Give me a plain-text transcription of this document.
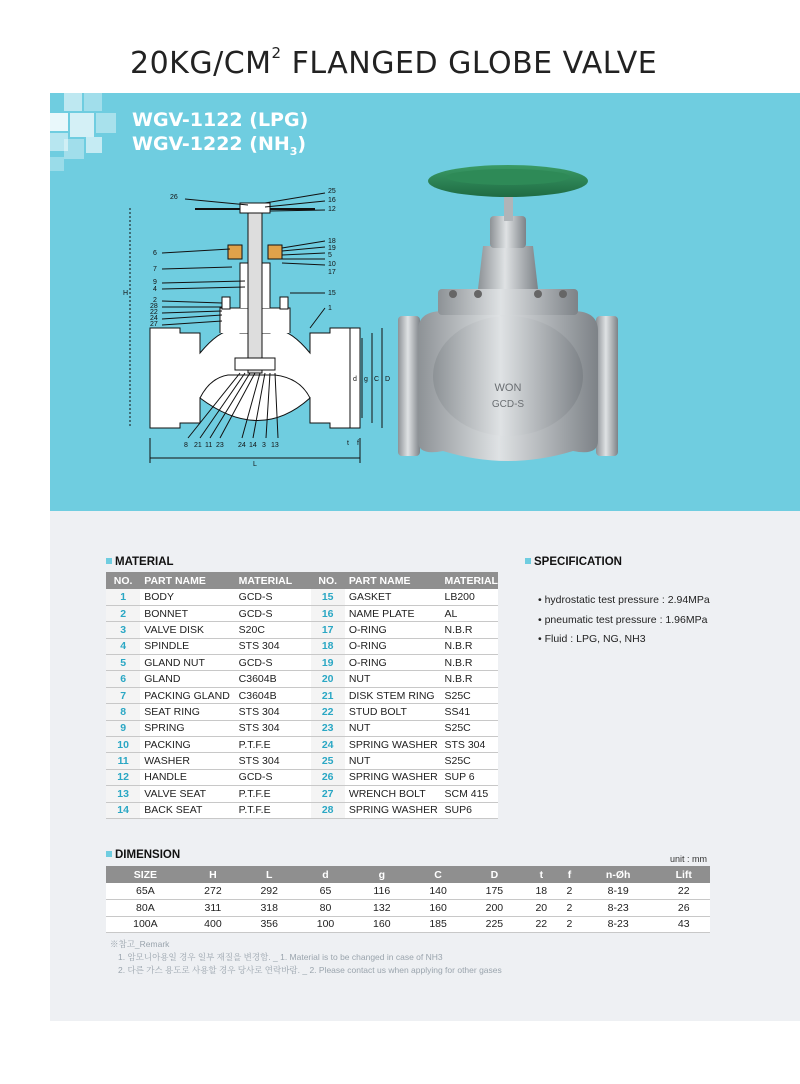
$20KG/CM^2$ FLANGED GLOBE VALVE
WGV-1122 (LPG)
WGV-1222 $(NH_3)$
26
25
16
12
18
19
5
10
17
15
1
6
7
9
4
2
28
22
24
27
8 21 11 23 24 14 3 13
H
L
d g C D
t f
WON
GCD-S
MATERIAL
NO.	PART NAME	MATERIAL	NO.	PART NAME	MATERIAL
1	BODY	GCD-S	15	GASKET	LB200
2	BONNET	GCD-S	16	NAME PLATE	AL
3	VALVE DISK	S20C	17	O-RING	N.B.R
4	SPINDLE	STS 304	18	O-RING	N.B.R
5	GLAND NUT	GCD-S	19	O-RING	N.B.R
6	GLAND	C3604B	20	NUT	N.B.R
7	PACKING GLAND	C3604B	21	DISK STEM RING	S25C
8	SEAT RING	STS 304	22	STUD BOLT	SS41
9	SPRING	STS 304	23	NUT	S25C
10	PACKING	P.T.F.E	24	SPRING WASHER	STS 304
11	WASHER	STS 304	25	NUT	S25C
12	HANDLE	GCD-S	26	SPRING WASHER	SUP 6
13	VALVE SEAT	P.T.F.E	27	WRENCH BOLT	SCM 415
14	BACK SEAT	P.T.F.E	28	SPRING WASHER	SUP6
SPECIFICATION
• hydrostatic test pressure : 2.94MPa
• pneumatic test pressure : 1.96MPa
• Fluid : LPG, NG, NH3
DIMENSION	unit : mm
SIZE	H	L	d	g	C	D	t	f	n-Øh	Lift
65A	272	292	65	116	140	175	18	2	8-19	22
80A	311	318	80	132	160	200	20	2	8-23	26
100A	400	356	100	160	185	225	22	2	8-23	43
※참고_Remark
1. 암모니아용일 경우 일부 재질을 변경함. _ 1. Material is to be changed in case of NH3
2. 다른 가스 용도로 사용할 경우 당사로 연락바람. _ 2. Please contact us when applying for other gases
